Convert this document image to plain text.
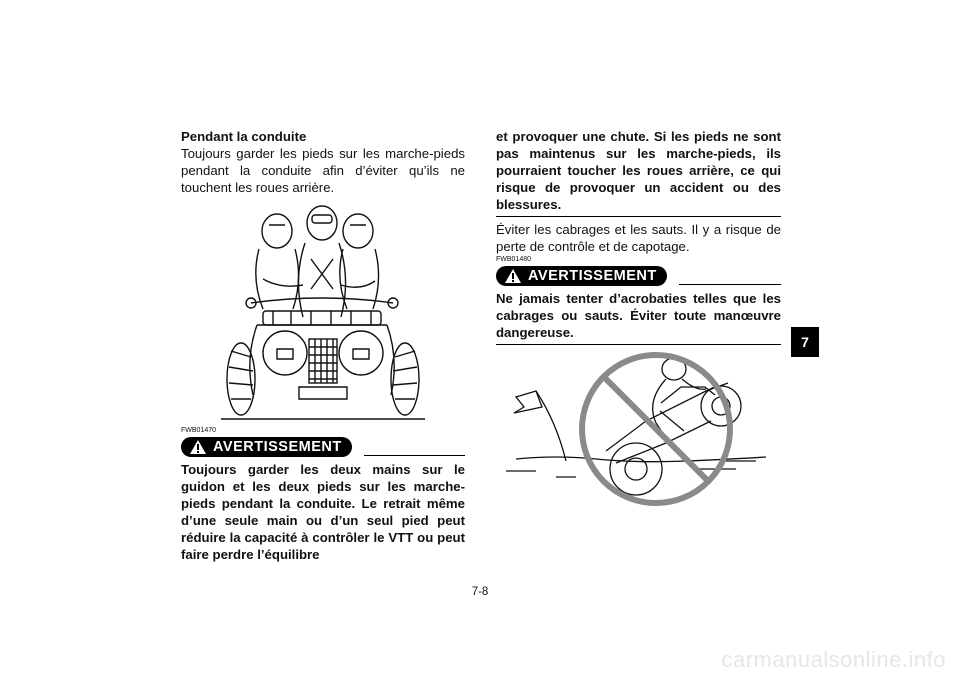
Pendant la conduite

Toujours garder les pieds sur les marche-pieds pendant la conduite afin d’éviter qu’ils ne touchent les roues arrière.

FWB01470

AVERTISSEMENT

Toujours garder les deux mains sur le guidon et les deux pieds sur les marche-pieds pendant la conduite. Le retrait même d’une seule main ou d’un seul pied peut réduire la capacité à contrôler le VTT ou peut faire perdre l’équilibre

et provoquer une chute. Si les pieds ne sont pas maintenus sur les marche-pieds, ils pourraient toucher les roues arrière, ce qui risque de provoquer un accident ou des blessures.

Éviter les cabrages et les sauts. Il y a risque de perte de contrôle et de capotage.

FWB01480

AVERTISSEMENT

Ne jamais tenter d’acrobaties telles que les cabrages ou sauts. Éviter toute manœuvre dangereuse.

7
7-8
carmanualsonline.info
